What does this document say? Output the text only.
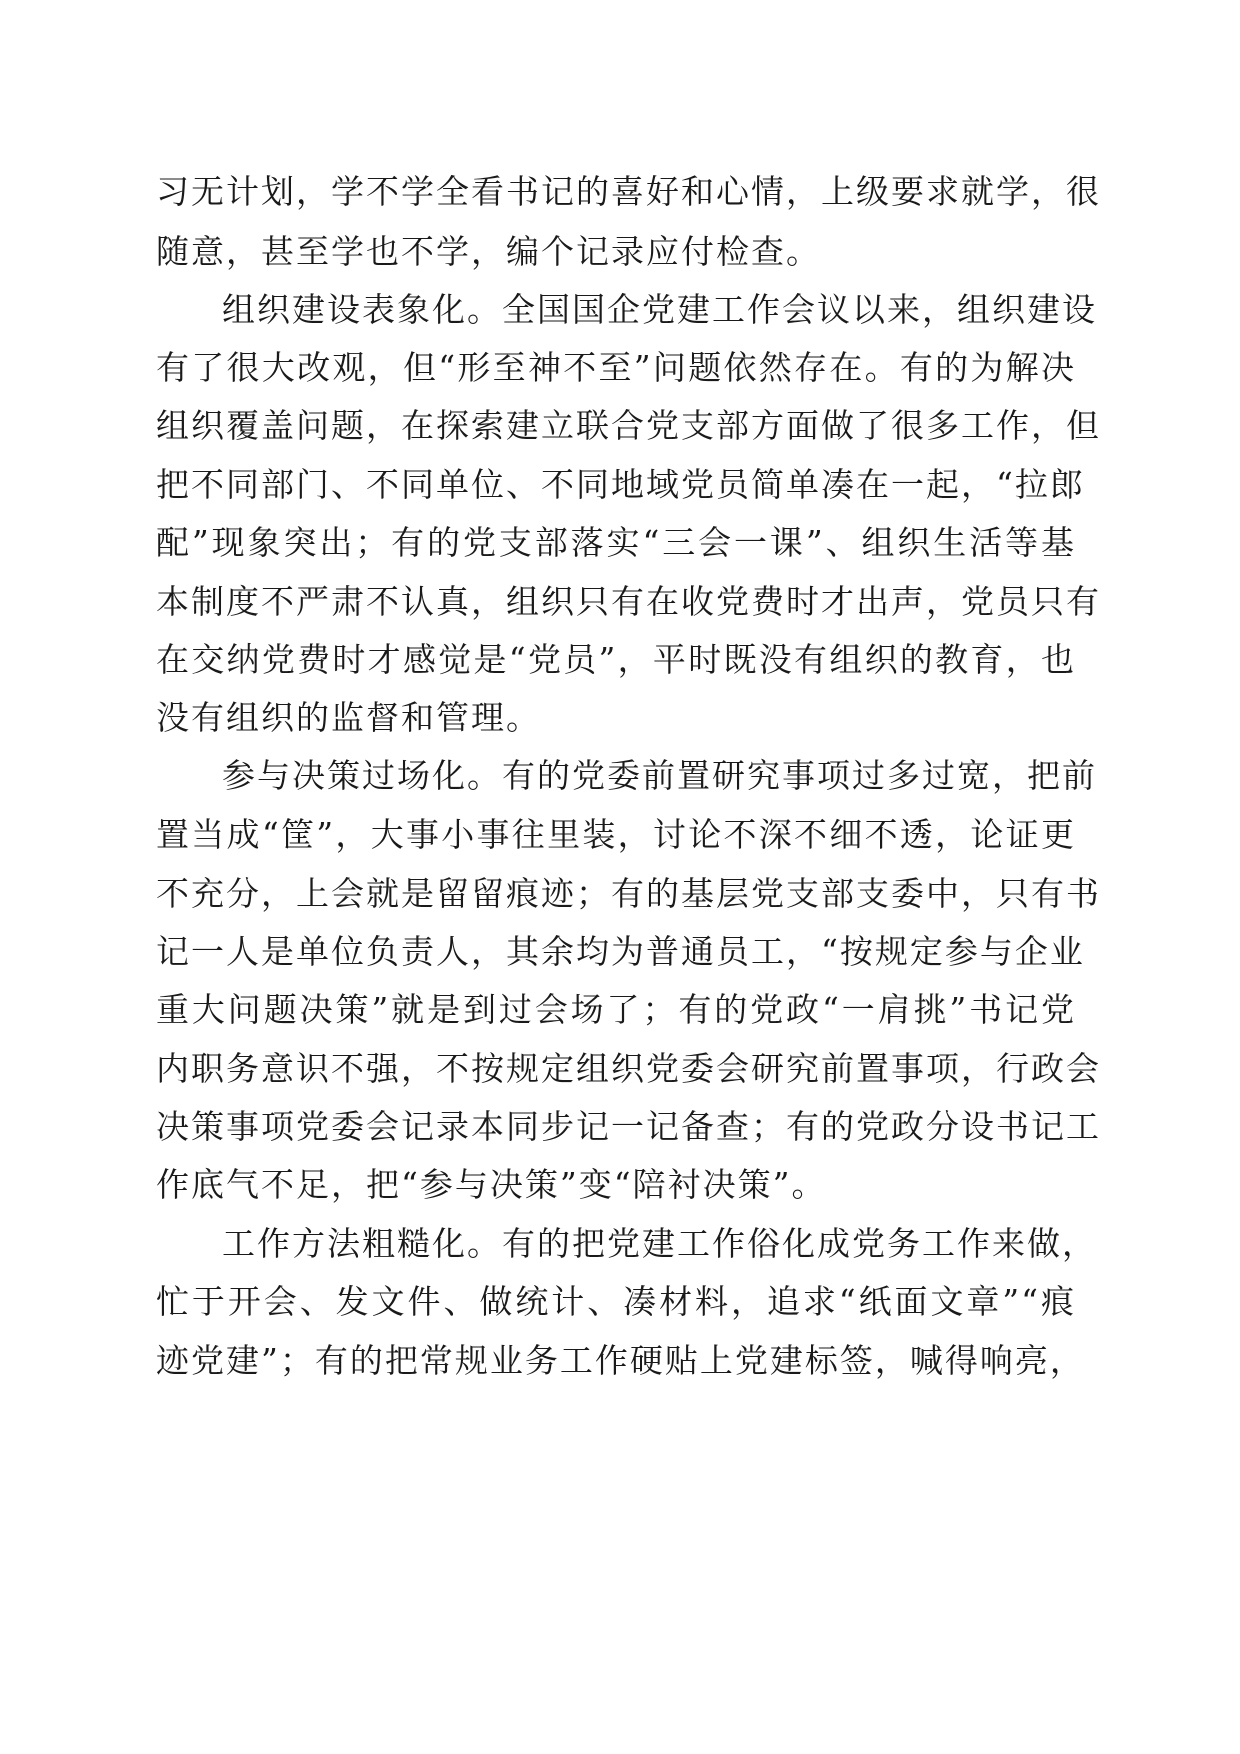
习无计划，学不学全看书记的喜好和心情，上级要求就学，很
随意，甚至学也不学，编个记录应付检查。
组织建设表象化。全国国企党建工作会议以来，组织建设
有了很大改观，但“形至神不至”问题依然存在。有的为解决
组织覆盖问题，在探索建立联合党支部方面做了很多工作，但
把不同部门、不同单位、不同地域党员简单凑在一起，“拉郎
配”现象突出；有的党支部落实“三会一课”、组织生活等基
本制度不严肃不认真，组织只有在收党费时才出声，党员只有
在交纳党费时才感觉是“党员”，平时既没有组织的教育，也
没有组织的监督和管理。
参与决策过场化。有的党委前置研究事项过多过宽，把前
置当成“筐”，大事小事往里装，讨论不深不细不透，论证更
不充分，上会就是留留痕迹；有的基层党支部支委中，只有书
记一人是单位负责人，其余均为普通员工，“按规定参与企业
重大问题决策”就是到过会场了；有的党政“一肩挑”书记党
内职务意识不强，不按规定组织党委会研究前置事项，行政会
决策事项党委会记录本同步记一记备查；有的党政分设书记工
作底气不足，把“参与决策”变“陪衬决策”。
工作方法粗糙化。有的把党建工作俗化成党务工作来做，
忙于开会、发文件、做统计、凑材料，追求“纸面文章”“痕
迹党建”；有的把常规业务工作硬贴上党建标签，喊得响亮，
